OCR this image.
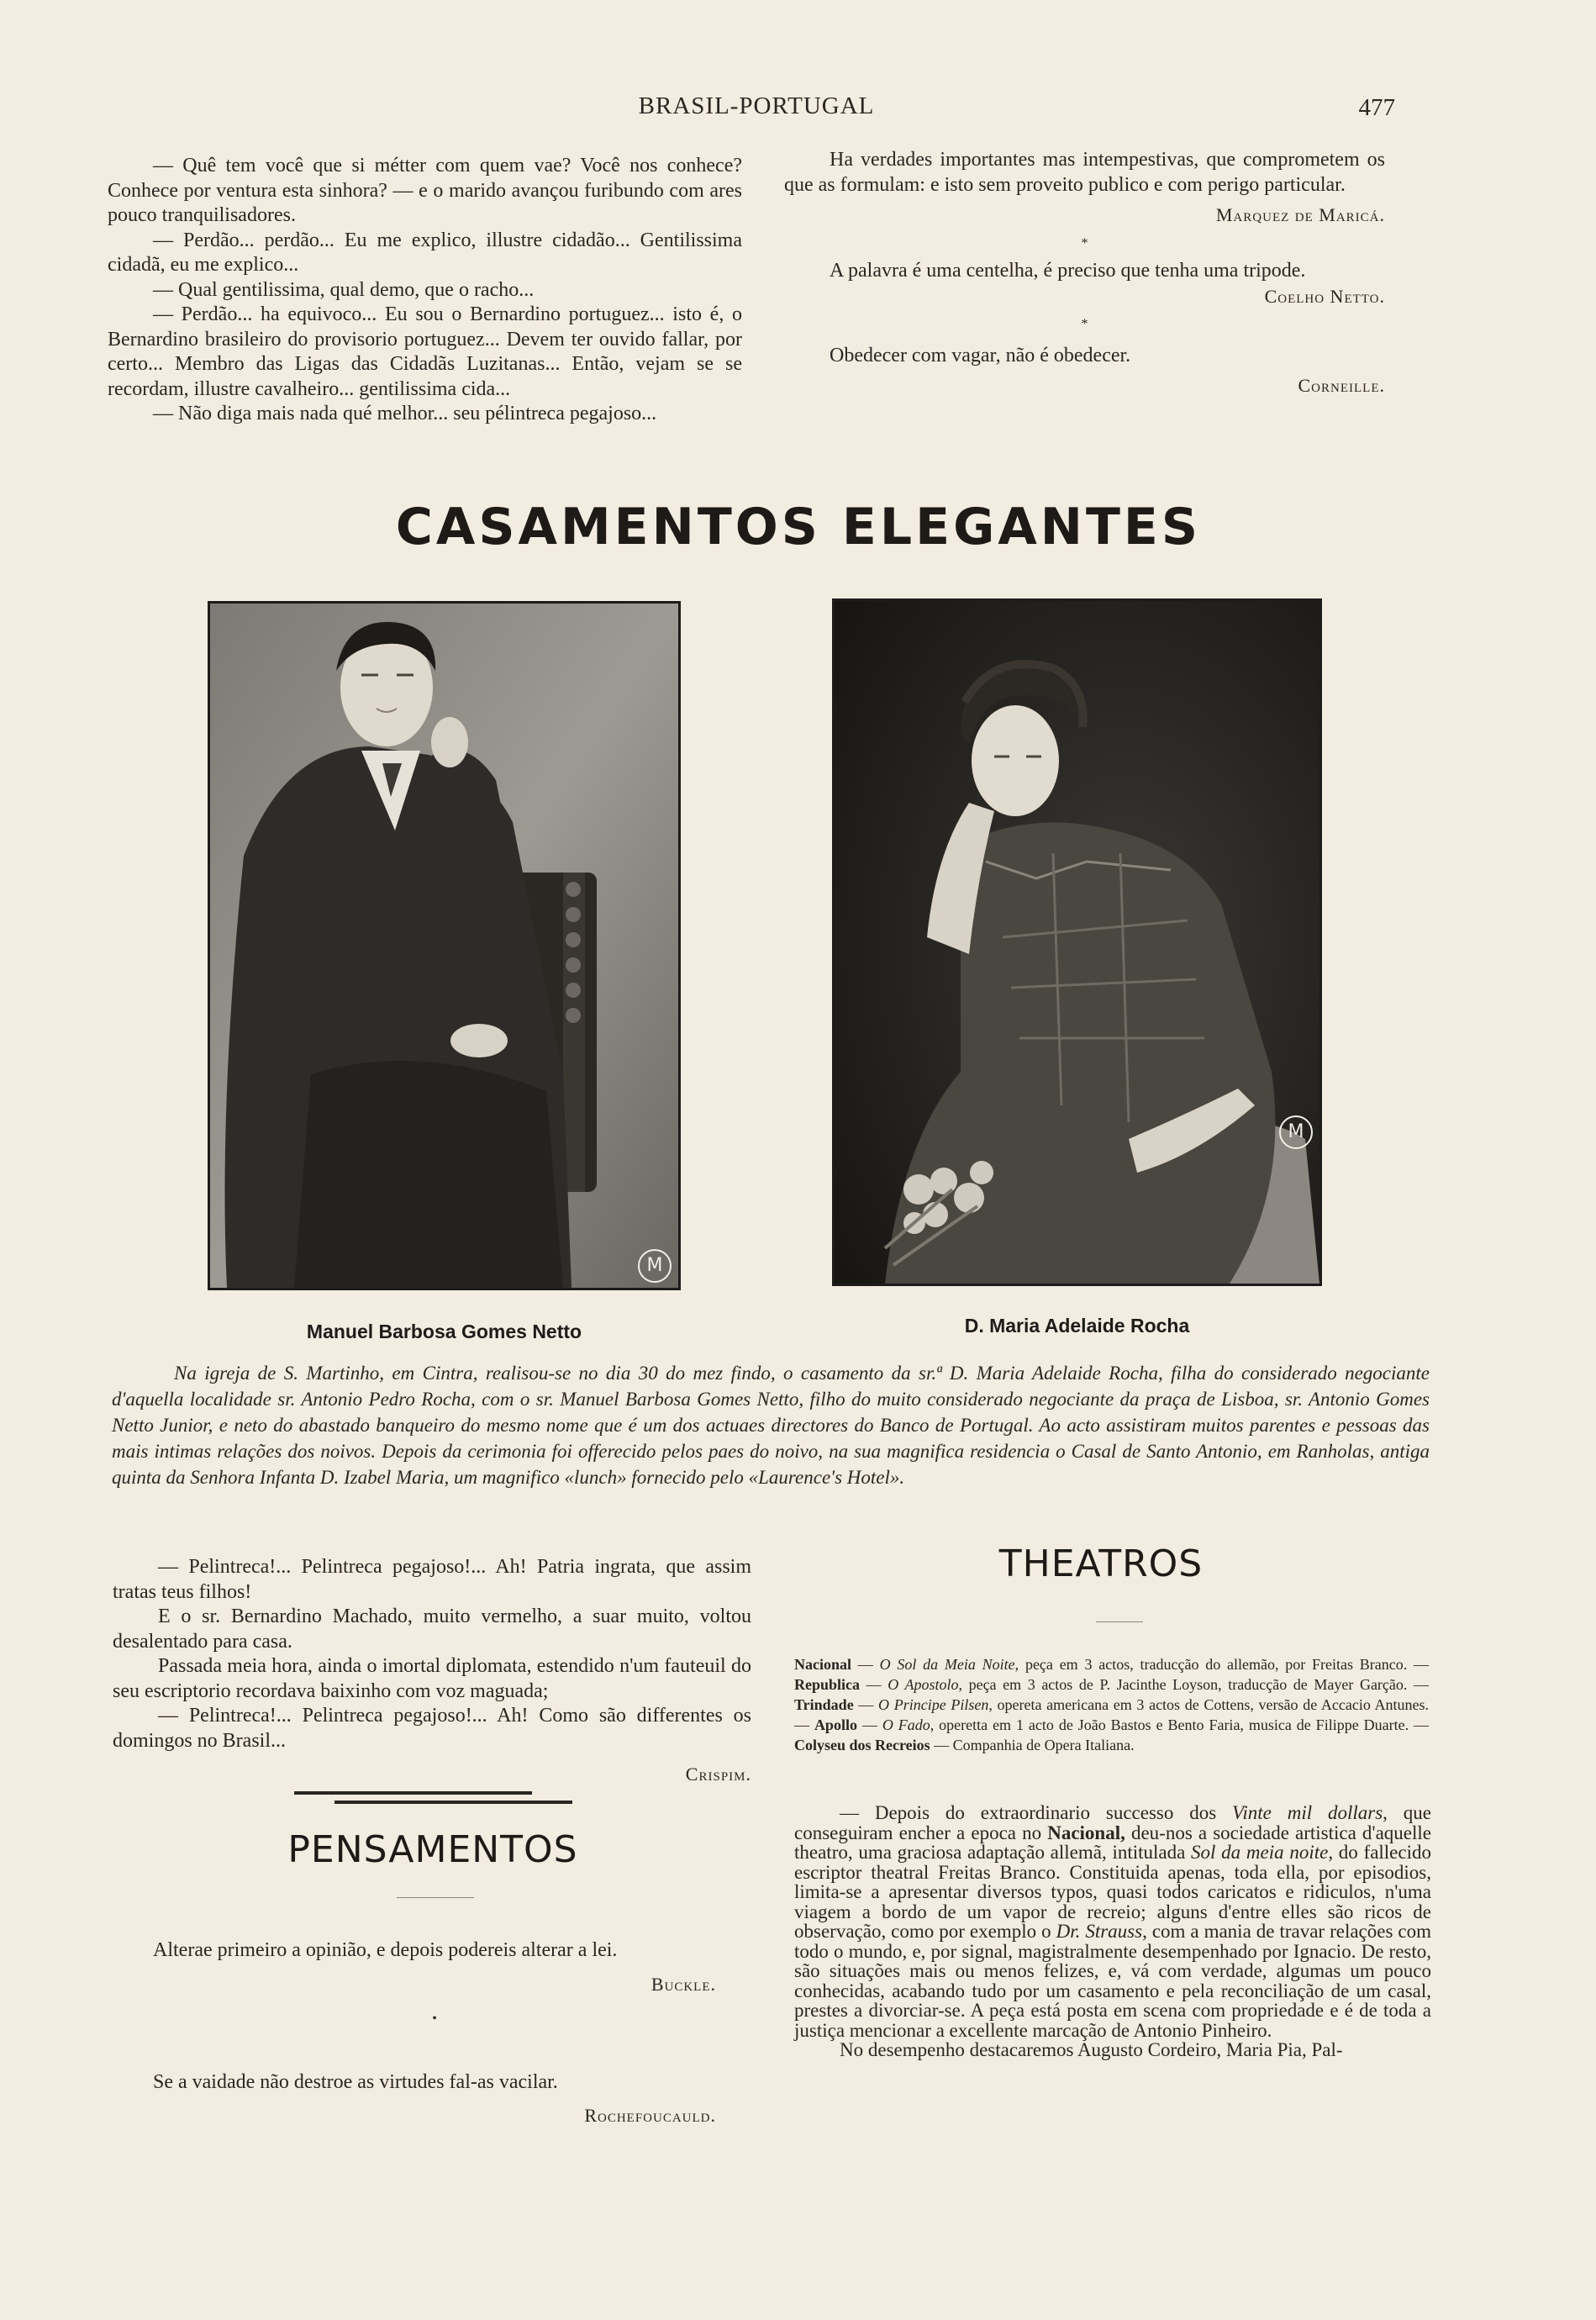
BRASIL-PORTUGAL	477

— Quê tem você que si métter com quem vae? Você nos conhece? Conhece por ventura esta sinhora? — e o marido avançou furibundo com ares pouco tranquilisadores.

— Perdão... perdão... Eu me explico, illustre cidadão... Gentilissima cidadã, eu me explico...

— Qual gentilissima, qual demo, que o racho...

— Perdão... ha equivoco... Eu sou o Bernardino portuguez... isto é, o Bernardino brasileiro do provisorio portuguez... Devem ter ouvido fallar, por certo... Membro das Ligas das Cidadãs Luzitanas... Então, vejam se se recordam, illustre cavalheiro... gentilissima cida...

— Não diga mais nada qué melhor... seu pélintreca pegajoso...

Ha verdades importantes mas intempestivas, que comprometem os que as formulam: e isto sem proveito publico e com perigo particular.

Marquez de Maricá.

*

A palavra é uma centelha, é preciso que tenha uma tripode.

Coelho Netto.

*

Obedecer com vagar, não é obedecer.

Corneille.

CASAMENTOS ELEGANTES
M
M
Manuel Barbosa Gomes Netto	D. Maria Adelaide Rocha
Na igreja de S. Martinho, em Cintra, realisou-se no dia 30 do mez findo, o casamento da sr.ª D. Maria Adelaide Rocha, filha do considerado negociante d'aquella localidade sr. Antonio Pedro Rocha, com o sr. Manuel Barbosa Gomes Netto, filho do muito considerado negociante da praça de Lisboa, sr. Antonio Gomes Netto Junior, e neto do abastado banqueiro do mesmo nome que é um dos actuaes directores do Banco de Portugal. Ao acto assistiram muitos parentes e pessoas das mais intimas relações dos noivos. Depois da cerimonia foi offerecido pelos paes do noivo, na sua magnifica residencia o Casal de Santo Antonio, em Ranholas, antiga quinta da Senhora Infanta D. Izabel Maria, um magnifico «lunch» fornecido pelo «Laurence's Hotel».

— Pelintreca!... Pelintreca pegajoso!... Ah! Patria ingrata, que assim tratas teus filhos!

E o sr. Bernardino Machado, muito vermelho, a suar muito, voltou desalentado para casa.

Passada meia hora, ainda o imortal diplomata, estendido n'um fauteuil do seu escriptorio recordava baixinho com voz maguada;

— Pelintreca!... Pelintreca pegajoso!... Ah! Como são differentes os domingos no Brasil...

Crispim.

PENSAMENTOS

Alterae primeiro a opinião, e depois podereis alterar a lei.

Buckle.

•

Se a vaidade não destroe as virtudes fal-as vacilar.

Rochefoucauld.

THEATROS
Nacional — O Sol da Meia Noite, peça em 3 actos, traducção do allemão, por Freitas Branco. — Republica — O Apostolo, peça em 3 actos de P. Jacinthe Loyson, traducção de Mayer Garção. — Trindade — O Principe Pilsen, opereta americana em 3 actos de Cottens, versão de Accacio Antunes. — Apollo — O Fado, operetta em 1 acto de João Bastos e Bento Faria, musica de Filippe Duarte. — Colyseu dos Recreios — Companhia de Opera Italiana.

— Depois do extraordinario successo dos Vinte mil dollars, que conseguiram encher a epoca no Nacional, deu-nos a sociedade artistica d'aquelle theatro, uma graciosa adaptação allemã, intitulada Sol da meia noite, do fallecido escriptor theatral Freitas Branco. Constituida apenas, toda ella, por episodios, limita-se a apresentar diversos typos, quasi todos caricatos e ridiculos, n'uma viagem a bordo de um vapor de recreio; alguns d'entre elles são ricos de observação, como por exemplo o Dr. Strauss, com a mania de travar relações com todo o mundo, e, por signal, magistralmente desempenhado por Ignacio. De resto, são situações mais ou menos felizes, e, vá com verdade, algumas um pouco conhecidas, acabando tudo por um casamento e pela reconciliação de um casal, prestes a divorciar-se. A peça está posta em scena com propriedade e é de toda a justiça mencionar a excellente marcação de Antonio Pinheiro.

No desempenho destacaremos Augusto Cordeiro, Maria Pia, Pal-
